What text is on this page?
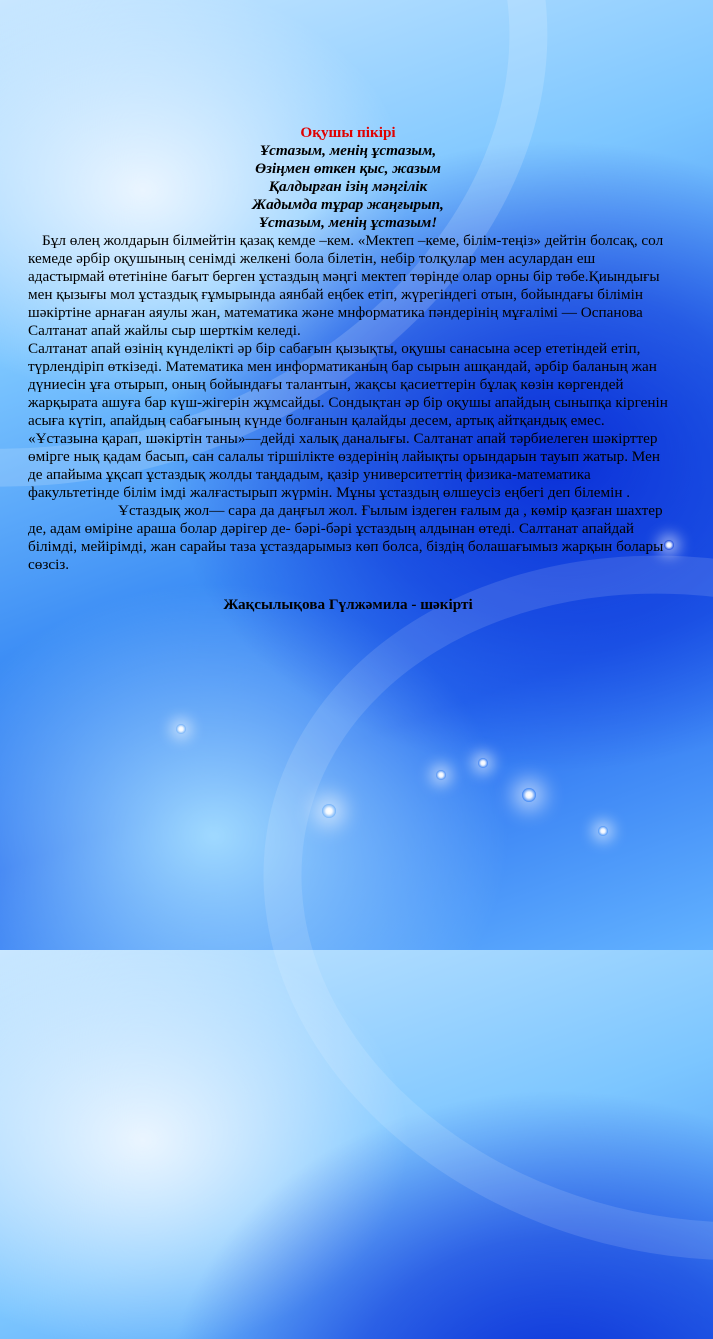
Оқушы пікірі

Ұстазым, менің ұстазым,

Өзіңмен өткен қыс, жазым

Қалдырған ізің мәңгілік

Жадымда тұрар жаңғырып,

Ұстазым, менің ұстазым!

Бұл өлең жолдарын білмейтін қазақ кемде –кем. «Мектеп –кеме, білім-теңіз» дейтін болсақ, сол кемеде әрбір оқушының сенімді желкені бола білетін, небір толқулар мен асулардан еш адастырмай өтетініне бағыт берген ұстаздың мәңгі мектеп төрінде олар орны бір төбе.Қиындығы мен қызығы мол ұстаздық ғұмырында аянбай еңбек етіп, жүрегіндегі отын, бойындағы білімін шәкіртіне арнаған аяулы жан, математика және мнформатика пәндерінің мұғалімі — Оспанова Салтанат апай жайлы сыр шерткім келеді.

Салтанат апай өзінің күнделікті әр бір сабағын қызықты, оқушы санасына әсер ететіндей етіп, түрлендіріп өткізеді. Математика мен информатиканың бар сырын ашқандай, әрбір баланың жан дүниесін ұға отырып, оның бойындағы талантын, жақсы қасиеттерін бұлақ көзін көргендей жарқырата ашуға бар күш-жігерін жұмсайды. Сондықтан әр бір оқушы апайдың сыныпқа кіргенін асыға күтіп, апайдың сабағының күнде болғанын қалайды десем, артық айтқандық емес. «Ұстазына қарап, шәкіртін таны»—дейді халық даналығы. Салтанат апай тәрбиелеген шәкірттер өмірге нық қадам басып, сан салалы тіршілікте өздерінің лайықты орындарын тауып жатыр. Мен де апайыма ұқсап ұстаздық жолды таңдадым, қазір университеттің физика-математика факультетінде білім імді жалғастырып жүрмін. Мұны ұстаздың өлшеусіз еңбегі деп білемін .

Ұстаздық жол— сара да даңғыл жол. Ғылым іздеген ғалым да , көмір қазған шахтер де, адам өміріне араша болар дәрігер де- бәрі-бәрі ұстаздың алдынан өтеді. Салтанат апайдай білімді, мейірімді, жан сарайы таза ұстаздарымыз көп болса, біздің болашағымыз жарқын болары сөзсіз.

Жақсылықова Гүлжәмила - шәкірті
